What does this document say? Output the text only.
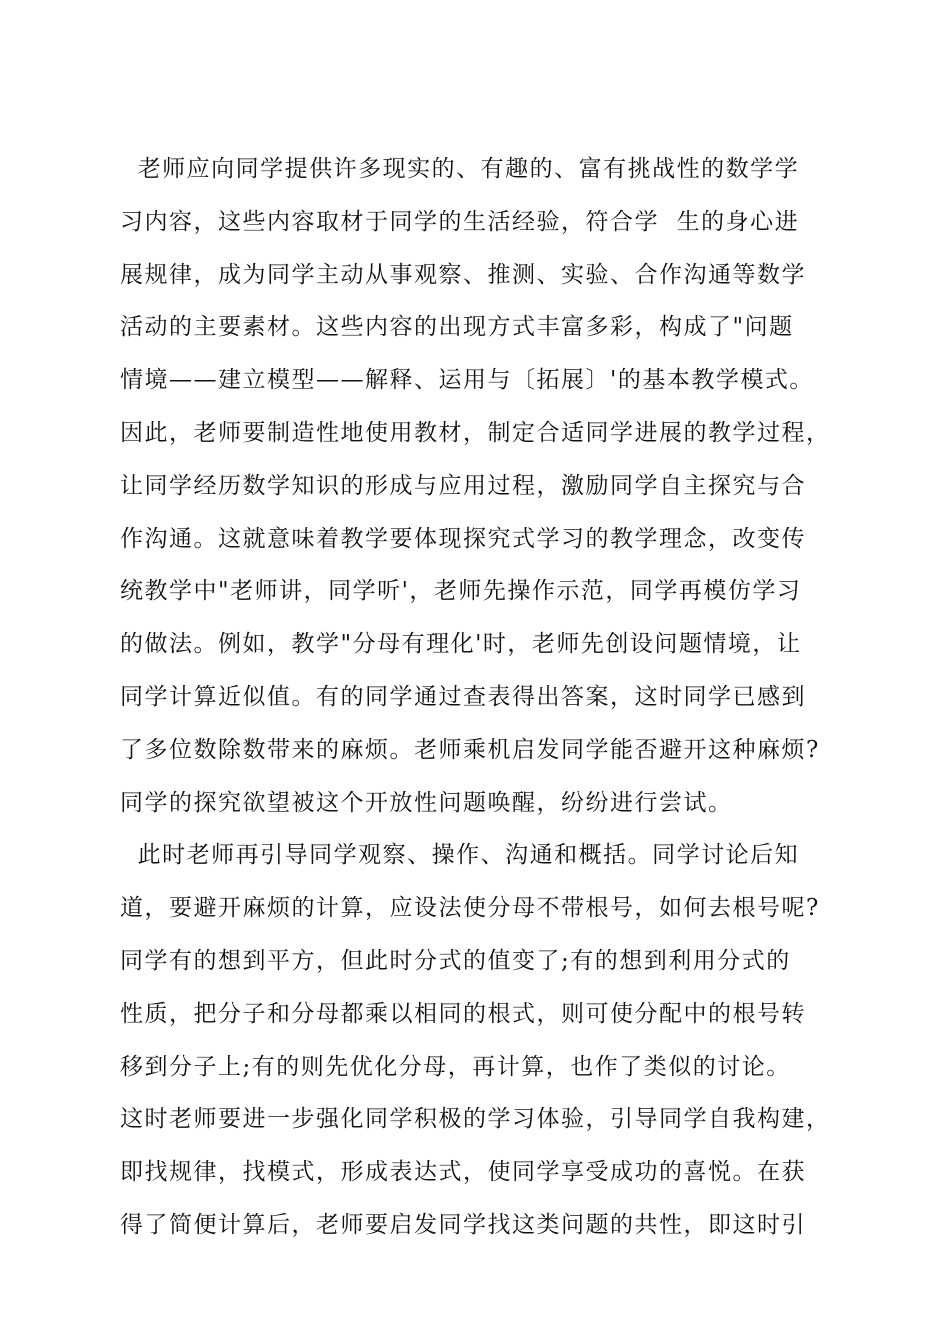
老师应向同学提供许多现实的、有趣的、富有挑战性的数学学
习内容，这些内容取材于同学的生活经验，符合学  生的身心进
展规律，成为同学主动从事观察、推测、实验、合作沟通等数学
活动的主要素材。这些内容的出现方式丰富多彩，构成了"问题
情境——建立模型——解释、运用与〔拓展〕'的基本教学模式。
因此，老师要制造性地使用教材，制定合适同学进展的教学过程，
让同学经历数学知识的形成与应用过程，激励同学自主探究与合
作沟通。这就意味着教学要体现探究式学习的教学理念，改变传
统教学中"老师讲，同学听'，老师先操作示范，同学再模仿学习
的做法。例如，教学"分母有理化'时，老师先创设问题情境，让
同学计算近似值。有的同学通过查表得出答案，这时同学已感到
了多位数除数带来的麻烦。老师乘机启发同学能否避开这种麻烦?
同学的探究欲望被这个开放性问题唤醒，纷纷进行尝试。
此时老师再引导同学观察、操作、沟通和概括。同学讨论后知
道，要避开麻烦的计算，应设法使分母不带根号，如何去根号呢?
同学有的想到平方，但此时分式的值变了;有的想到利用分式的
性质，把分子和分母都乘以相同的根式，则可使分配中的根号转
移到分子上;有的则先优化分母，再计算，也作了类似的讨论。
这时老师要进一步强化同学积极的学习体验，引导同学自我构建，
即找规律，找模式，形成表达式，使同学享受成功的喜悦。在获
得了简便计算后，老师要启发同学找这类问题的共性，即这时引
